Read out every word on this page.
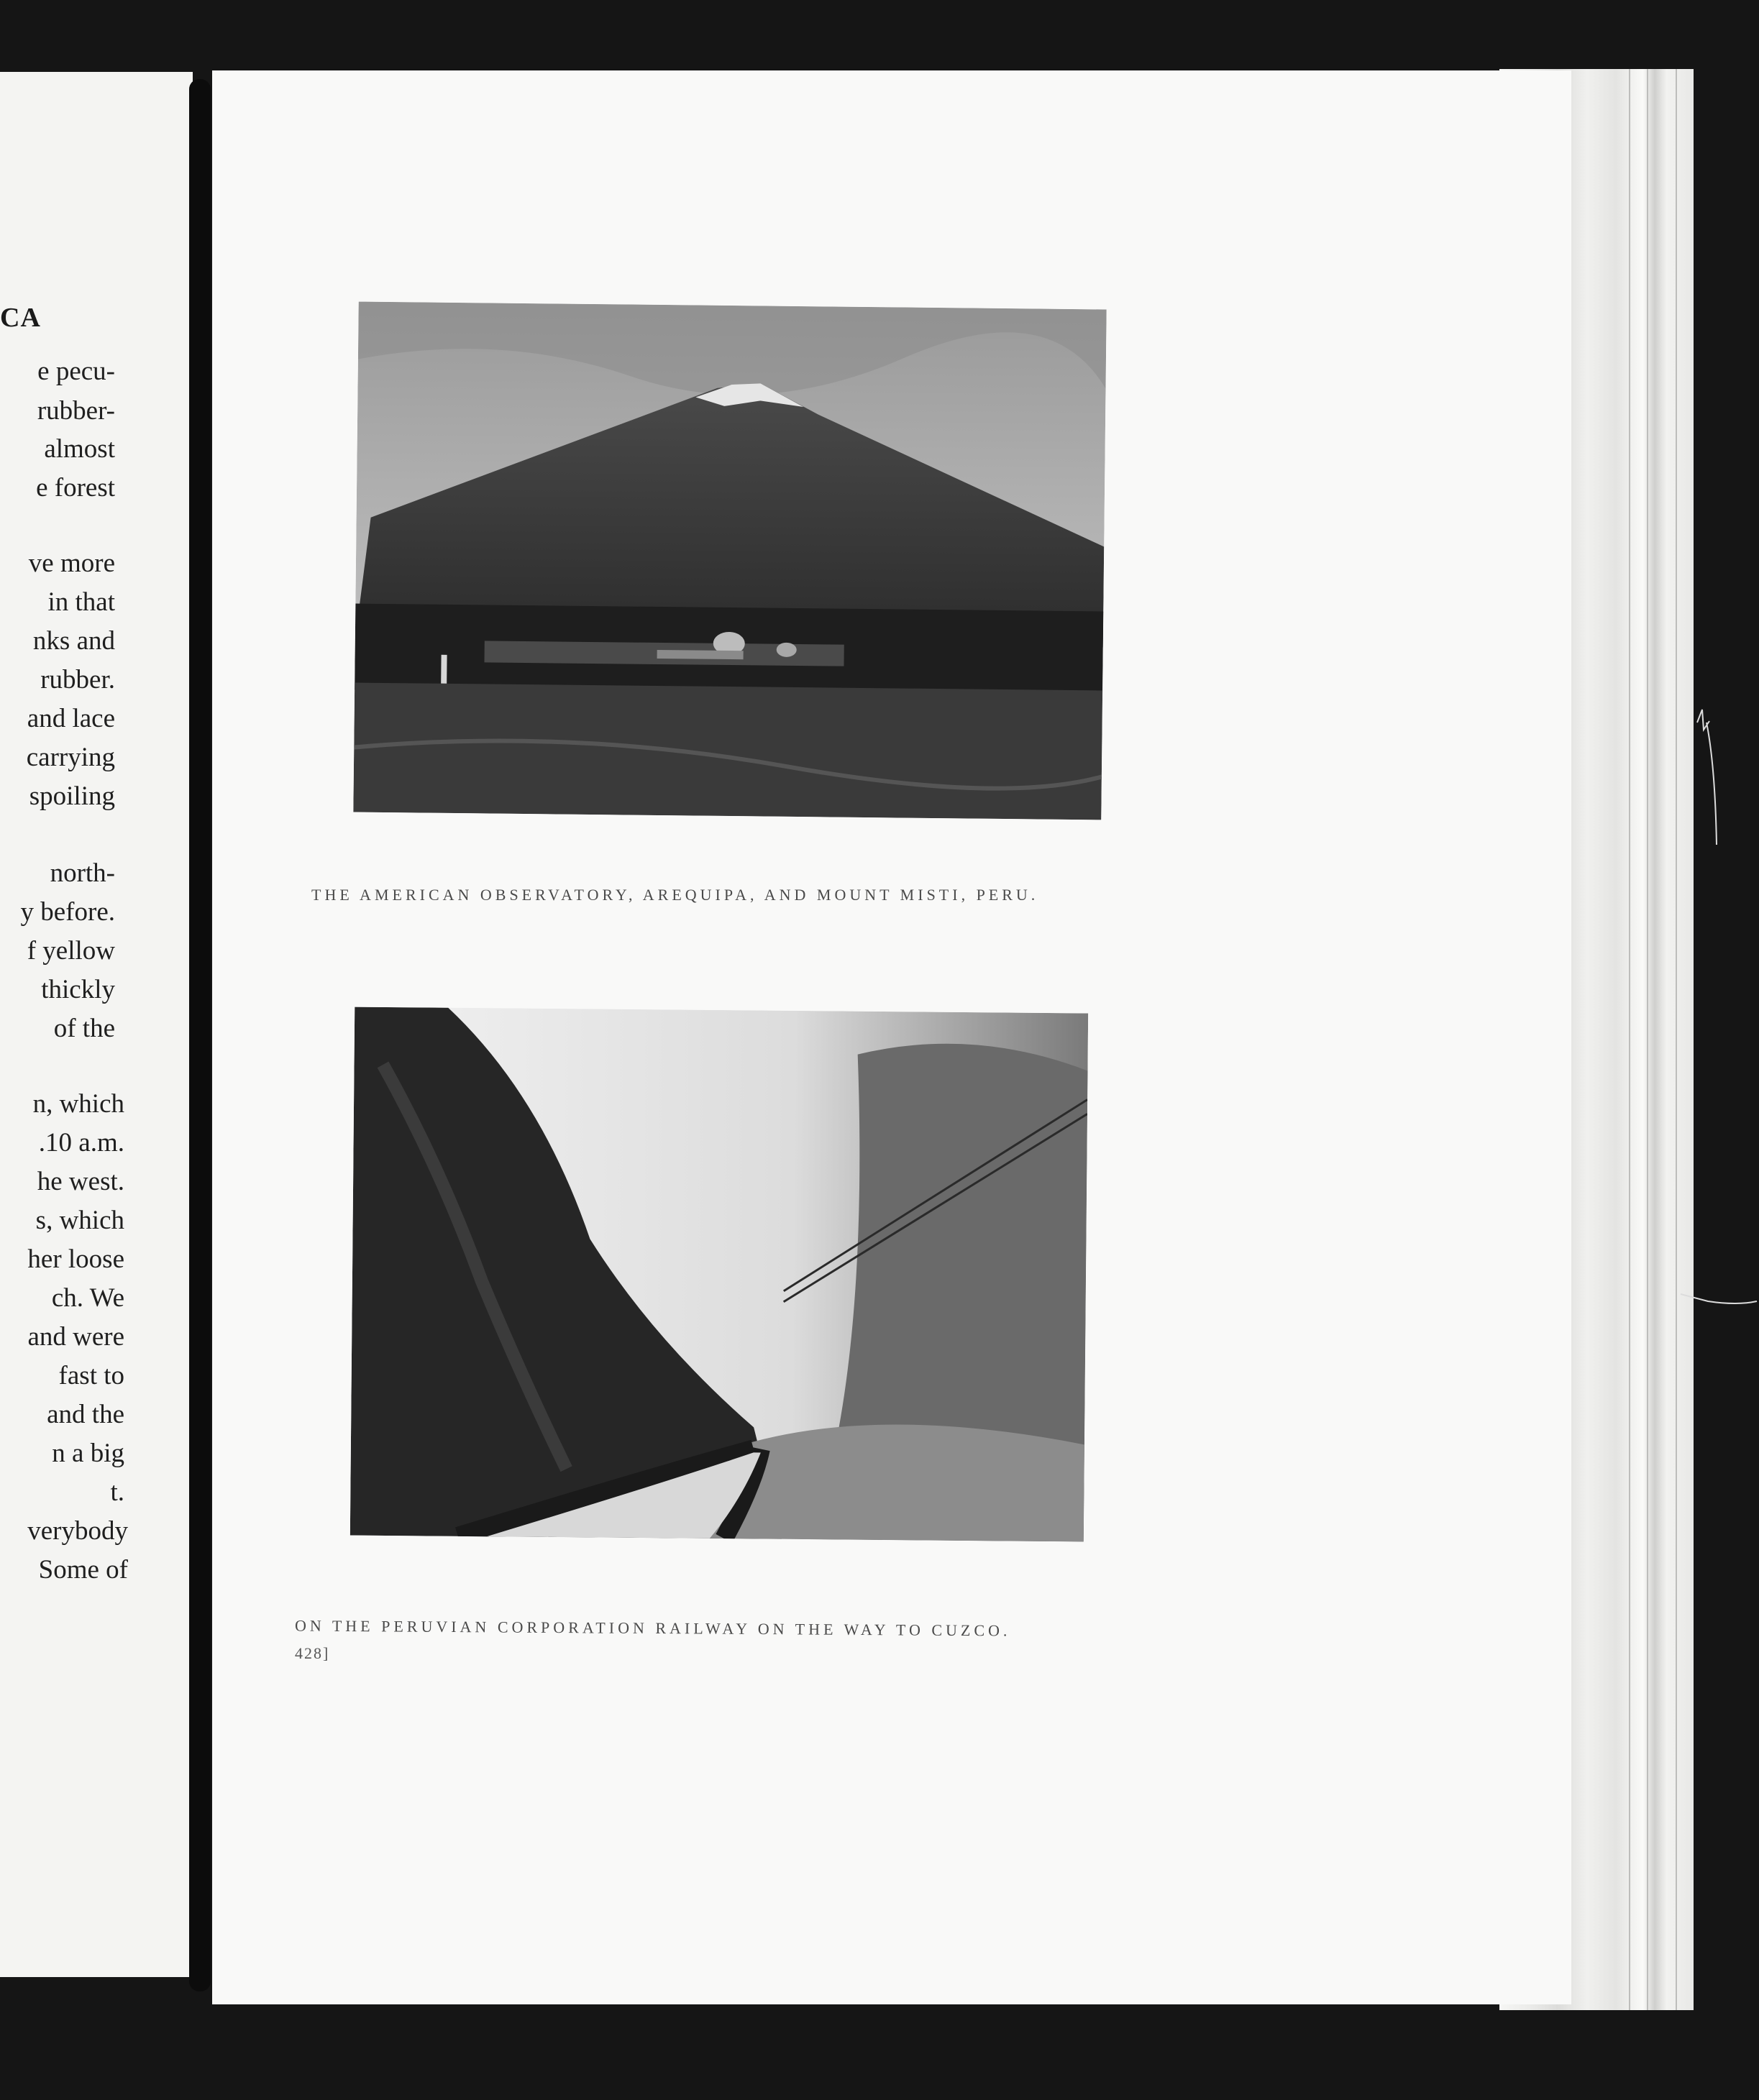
CA
e pecu-
rubber-
almost
e forest
ve more
in that
nks and
rubber.
and lace
carrying
spoiling
north-
y before.
f yellow
thickly
of the
n, which
.10 a.m.
he west.
s, which
her loose
ch. We
and were
fast to
and the
n a big
t.
verybody
Some of
THE AMERICAN OBSERVATORY, AREQUIPA, AND MOUNT MISTI, PERU.
ON THE PERUVIAN CORPORATION RAILWAY ON THE WAY TO CUZCO.
428]
